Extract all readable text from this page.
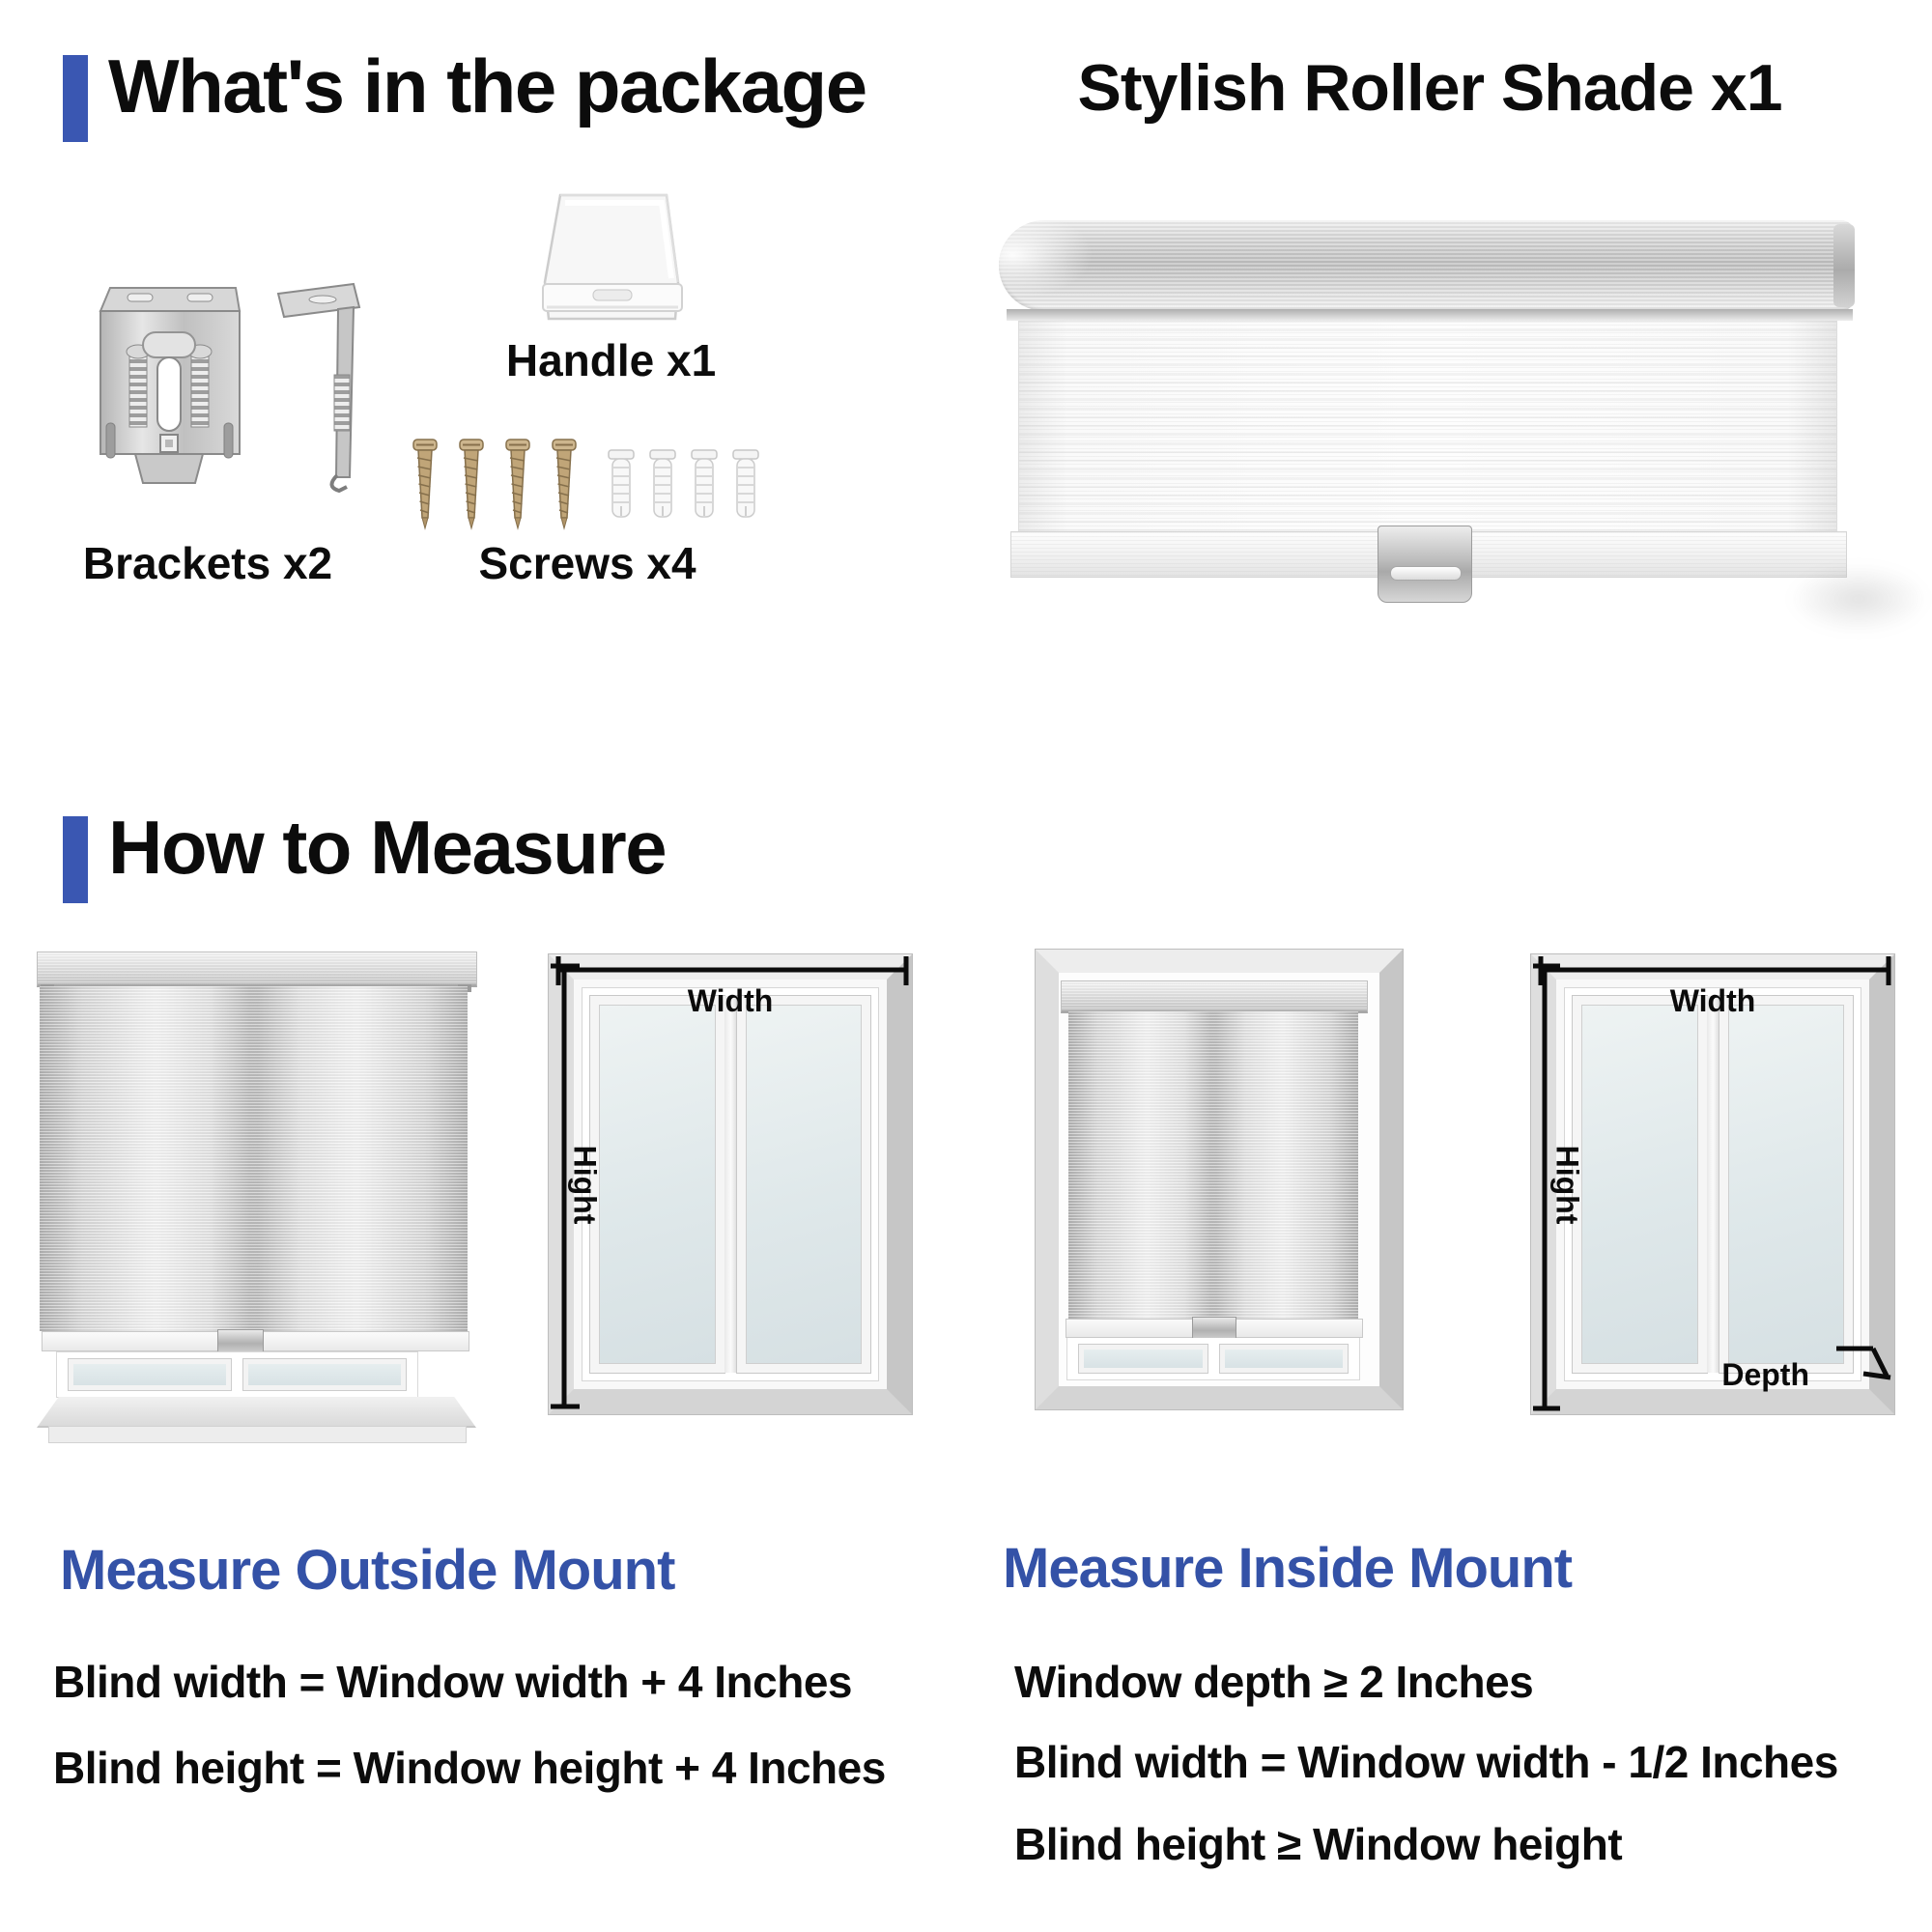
What's in the package	Stylish Roller Shade x1
Brackets x2
Handle x1
Screws x4
How to Measure
Width
Hight
Width
Hight
Depth
Measure Outside Mount
Blind width = Window width + 4 Inches
Blind height = Window height + 4 Inches
Measure Inside Mount
Window depth ≥ 2 Inches
Blind width = Window width - 1/2 Inches
Blind height ≥ Window height
